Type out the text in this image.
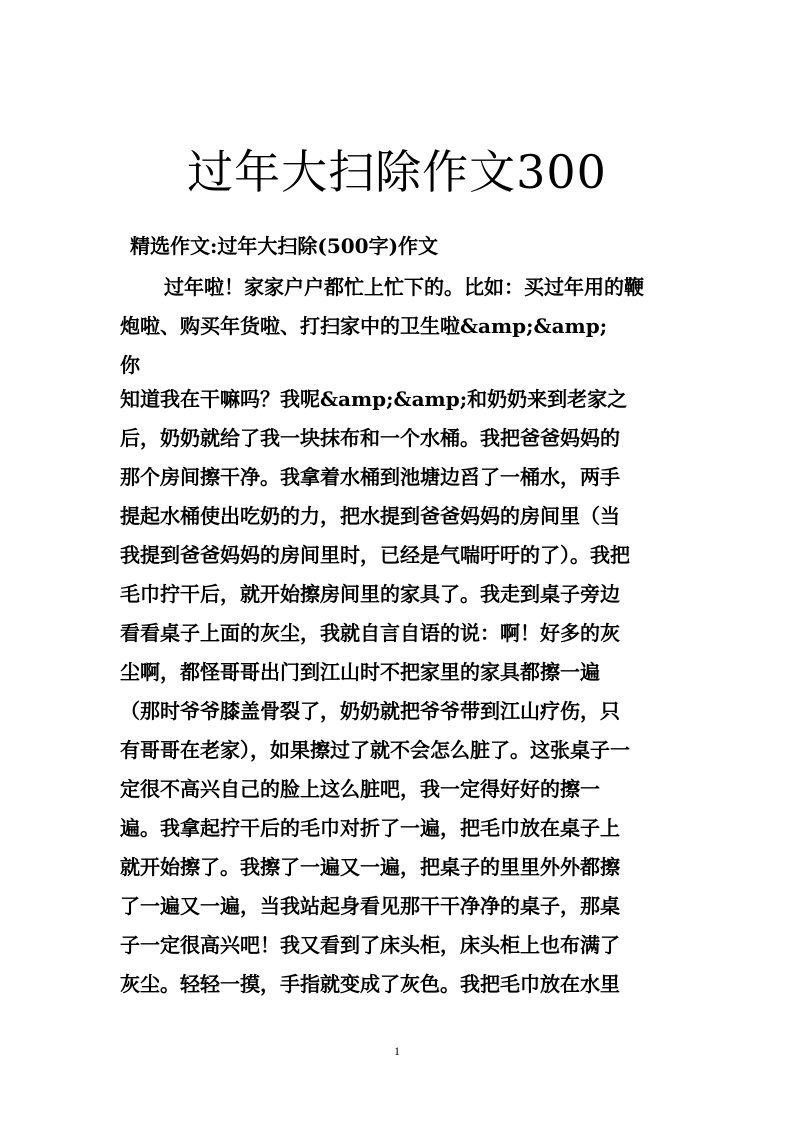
过年大扫除作文300
精选作文:过年大扫除(500字)作文
过年啦！家家户户都忙上忙下的。比如：买过年用的鞭
炮啦、购买年货啦、打扫家中的卫生啦&amp;&amp;
你
知道我在干嘛吗？我呢&amp;&amp;和奶奶来到老家之
后，奶奶就给了我一块抹布和一个水桶。我把爸爸妈妈的
那个房间擦干净。我拿着水桶到池塘边舀了一桶水，两手
提起水桶使出吃奶的力，把水提到爸爸妈妈的房间里（当
我提到爸爸妈妈的房间里时，已经是气喘吁吁的了）。我把
毛巾拧干后，就开始擦房间里的家具了。我走到桌子旁边
看看桌子上面的灰尘，我就自言自语的说：啊！好多的灰
尘啊，都怪哥哥出门到江山时不把家里的家具都擦一遍
（那时爷爷膝盖骨裂了，奶奶就把爷爷带到江山疗伤，只
有哥哥在老家），如果擦过了就不会怎么脏了。这张桌子一
定很不高兴自己的脸上这么脏吧，我一定得好好的擦一
遍。我拿起拧干后的毛巾对折了一遍，把毛巾放在桌子上
就开始擦了。我擦了一遍又一遍，把桌子的里里外外都擦
了一遍又一遍，当我站起身看见那干干净净的桌子，那桌
子一定很高兴吧！我又看到了床头柜，床头柜上也布满了
灰尘。轻轻一摸，手指就变成了灰色。我把毛巾放在水里
1
